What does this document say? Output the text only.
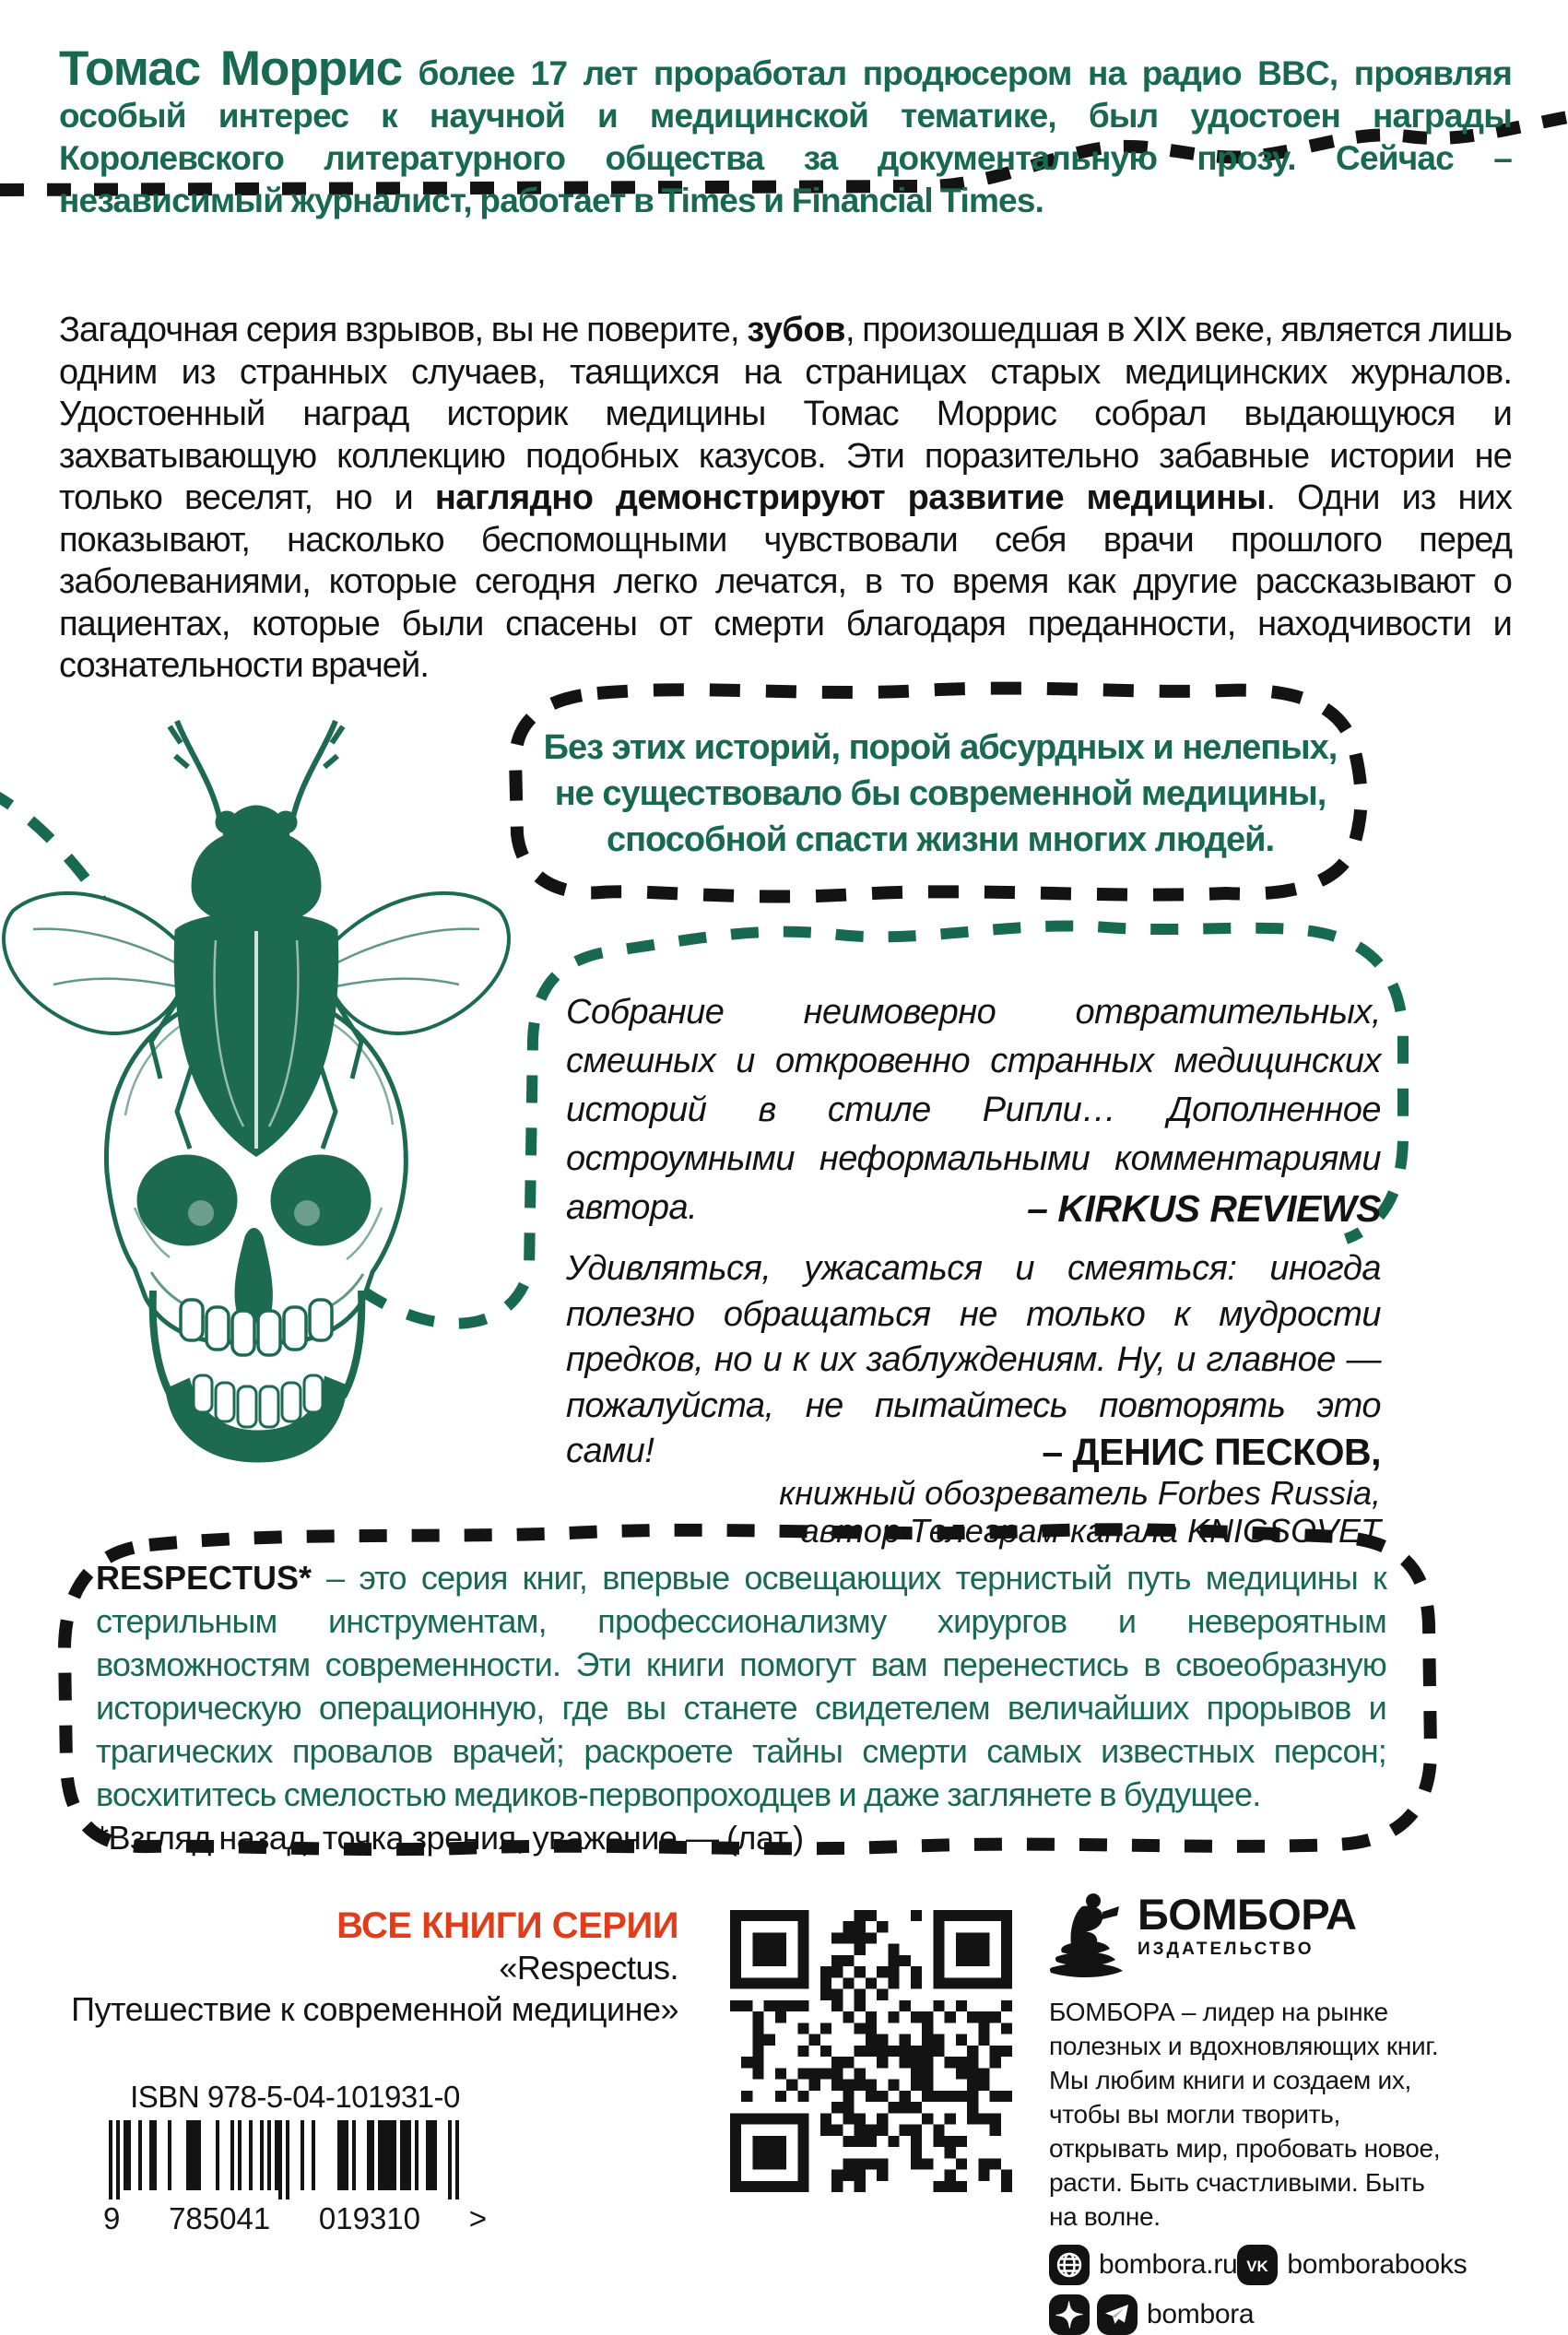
Томас Моррис более 17 лет проработал продюсером на радио BBC, проявляя особый интерес к научной и медицинской тематике, был удостоен награды Королевского литературного общества за документальную прозу. Сейчас – независимый журналист, работает в Times и Financial Times.
Загадочная серия взрывов, вы не поверите, зубов, произошедшая в XIX веке, является лишь одним из странных случаев, таящихся на страницах старых медицинских журналов. Удостоенный наград историк медицины Томас Моррис собрал выдающуюся и захватывающую коллекцию подобных казусов. Эти поразительно забавные истории не только веселят, но и наглядно демонстрируют развитие медицины. Одни из них показывают, насколько беспомощными чувствовали себя врачи прошлого перед заболеваниями, которые сегодня легко лечатся, в то время как другие рассказывают о пациентах, которые были спасены от смерти благодаря преданности, находчивости и сознательности врачей.
Без этих историй, порой абсурдных и нелепых,
не существовало бы современной медицины,
способной спасти жизни многих людей.
Собрание неимоверно отвратительных, смешных и откровенно странных медицинских историй в стиле Рипли… Дополненное остроумными неформальными комментариями автора.	– KIRKUS REVIEWS
Удивляться, ужасаться и смеяться: иногда полезно обращаться не только к мудрости предков, но и к их заблуждениям. Ну, и главное — пожалуйста, не пытайтесь повторять это сами!	– ДЕНИС ПЕСКОВ,
книжный обозреватель Forbes Russia,
автор Телеграм-канала KNIGSOVET
RESPECTUS* – это серия книг, впервые освещающих тернистый путь медицины к стерильным инструментам, профессионализму хирургов и невероятным возможностям современности. Эти книги помогут вам перенестись в своеобразную историческую операционную, где вы станете свидетелем величайших прорывов и трагических провалов врачей; раскроете тайны смерти самых известных персон; восхититесь смелостью медиков-первопроходцев и даже заглянете в будущее.
*Взгляд назад, точка зрения, уважение.— (лат.)
ВСЕ КНИГИ СЕРИИ
«Respectus.
Путешествие к современной медицине»
ISBN 978-5-04-101931-0
9 785041 019310 >
БОМБОРА
ИЗДАТЕЛЬСТВО
БОМБОРА – лидер на рынке полезных и вдохновляющих книг. Мы любим книги и создаем их, чтобы вы могли творить, открывать мир, пробовать новое, расти. Быть счастливыми. Быть на волне.
bombora.ru VK bomborabooks
bombora
